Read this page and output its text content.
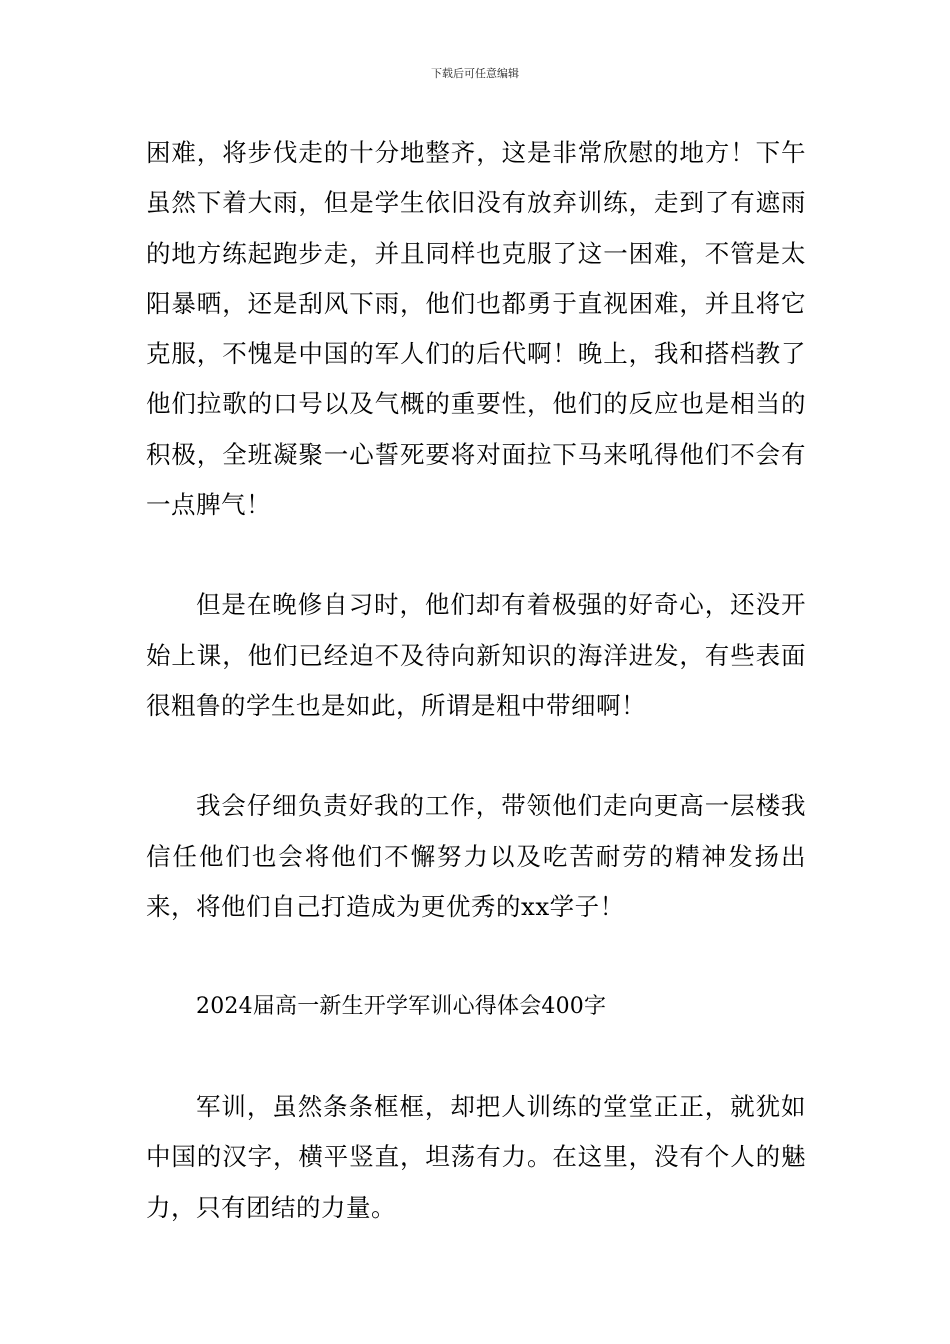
下载后可任意编辑

困难，将步伐走的十分地整齐，这是非常欣慰的地方！下午虽然下着大雨，但是学生依旧没有放弃训练，走到了有遮雨的地方练起跑步走，并且同样也克服了这一困难，不管是太阳暴晒，还是刮风下雨，他们也都勇于直视困难，并且将它克服，不愧是中国的军人们的后代啊！晚上，我和搭档教了他们拉歌的口号以及气概的重要性，他们的反应也是相当的积极，全班凝聚一心誓死要将对面拉下马来吼得他们不会有一点脾气！

但是在晚修自习时，他们却有着极强的好奇心，还没开始上课，他们已经迫不及待向新知识的海洋进发，有些表面很粗鲁的学生也是如此，所谓是粗中带细啊！

我会仔细负责好我的工作，带领他们走向更高一层楼我信任他们也会将他们不懈努力以及吃苦耐劳的精神发扬出来，将他们自己打造成为更优秀的xx学子！

2024届高一新生开学军训心得体会400字

军训，虽然条条框框，却把人训练的堂堂正正，就犹如中国的汉字，横平竖直，坦荡有力。在这里，没有个人的魅力，只有团结的力量。
